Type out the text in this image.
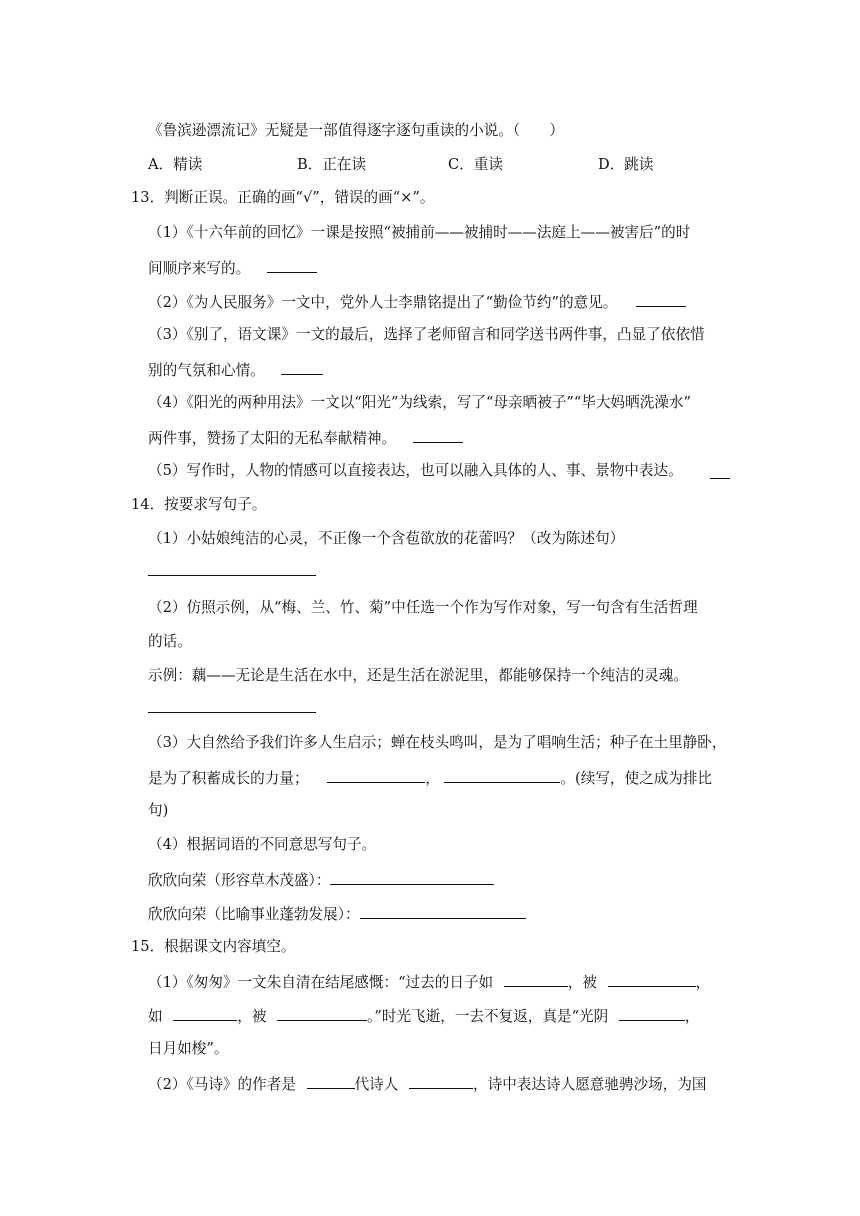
《鲁滨逊漂流记》无疑是一部值得逐字逐句重读的小说。（　　）
A．精读	B．正在读	C．重读	D．跳读
13．判断正误。正确的画“√”，错误的画“×”。
（1）《十六年前的回忆》一课是按照“被捕前——被捕时——法庭上——被害后”的时
间顺序来写的。
（2）《为人民服务》一文中，党外人士李鼎铭提出了“勤俭节约”的意见。
（3）《别了，语文课》一文的最后，选择了老师留言和同学送书两件事，凸显了依依惜
别的气氛和心情。
（4）《阳光的两种用法》一文以“阳光”为线索，写了“母亲晒被子”“毕大妈晒洗澡水”
两件事，赞扬了太阳的无私奉献精神。
（5）写作时，人物的情感可以直接表达，也可以融入具体的人、事、景物中表达。
14．按要求写句子。
（1）小姑娘纯洁的心灵，不正像一个含苞欲放的花蕾吗？（改为陈述句）
（2）仿照示例，从“梅、兰、竹、菊”中任选一个作为写作对象，写一句含有生活哲理
的话。
示例：藕——无论是生活在水中，还是生活在淤泥里，都能够保持一个纯洁的灵魂。
（3）大自然给予我们许多人生启示；蝉在枝头鸣叫，是为了唱响生活；种子在土里静卧，
是为了积蓄成长的力量；	，	。(续写，使之成为排比
句)
（4）根据词语的不同意思写句子。
欣欣向荣（形容草木茂盛）：
欣欣向荣（比喻事业蓬勃发展）：
15．根据课文内容填空。
（1）《匆匆》一文朱自清在结尾感慨：“过去的日子如	，被	，
如	，被	。”时光飞逝，一去不复返，真是“光阴	，
日月如梭”。
（2）《马诗》的作者是	代诗人	，诗中表达诗人愿意驰骋沙场，为国
